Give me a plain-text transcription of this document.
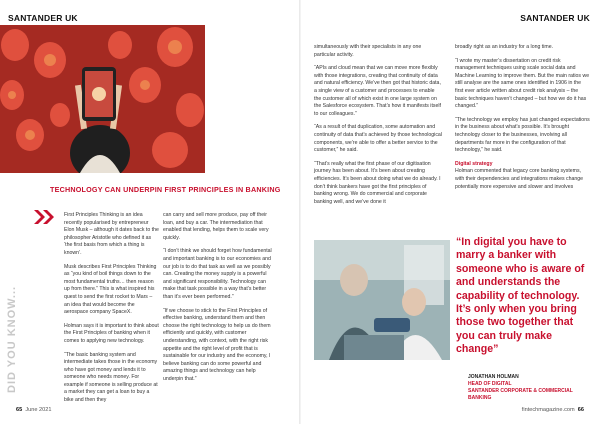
SANTANDER UK
TECHNOLOGY CAN UNDERPIN FIRST PRINCIPLES IN BANKING

First Principles Thinking is an idea recently popularised by entrepreneur Elon Musk – although it dates back to the philosopher Aristotle who defined it as ‘the first basis from which a thing is known’.

Musk describes First Principles Thinking as “you kind of boil things down to the most fundamental truths… then reason up from there.” This is what inspired his quest to send the first rocket to Mars – an idea that would become the aerospace company SpaceX.

Holman says it is important to think about the First Principles of banking when it comes to applying new technology.

“The basic banking system and intermediate takes those in the economy who have got money and lends it to someone who needs money. For example if someone is selling produce at a market they can get a loan to buy a bike and then they

can carry and sell more produce, pay off their loan, and buy a car. The intermediation that enabled that lending, helps them to scale very quickly.

“I don’t think we should forget how fundamental and important banking is to our economies and our job is to do that task as well as we possibly can. Creating the money supply is a powerful and significant responsibility. Technology can make that task possible in a way that’s better than it’s ever been performed.”

“If we choose to stick to the First Principles of effective banking, understand them and then choose the right technology to help us do them efficiently and quickly, with customer understanding, with context, with the right risk appetite and the right level of profit that is sustainable for our industry and the economy, I believe banking can do some powerful and amazing things and technology can help underpin that.”

DID YOU KNOW...
65 June 2021
SANTANDER UK

simultaneously with their specialists in any one particular activity.

“APIs and cloud mean that we can move more flexibly with those integrations, creating that continuity of data and natural efficiency. We’ve then got that historic data, a single view of a customer and processes to enable the customer all of which exist in one large system on the Salesforce ecosystem. That’s how it manifests itself to our colleagues.”

“As a result of that duplication, some automation and continuity of data that’s achieved by those technological components, we’re able to offer a better service to the customer,” he said.

“That’s really what the first phase of our digitisation journey has been about. It’s been about creating efficiencies. It’s been about doing what we do already. I don’t think bankers have got the first principles of banking wrong. We do commercial and corporate banking well, and we’ve done it

broadly right as an industry for a long time.

“I wrote my master’s dissertation on credit risk management techniques using scale social data and Machine Learning to improve them. But the main ratios we still analyse are the same ones identified in 1906 in the first ever article written about credit risk analysis – the basic techniques haven’t changed – but how we do it has changed.”

“The technology we employ has just changed expectations in the business about what’s possible. It’s brought technology closer to the businesses, involving all departments far more in the configuration of that technology,” he said.

Digital strategy

Holman commented that legacy core banking systems, with their dependencies and integrations makes change potentially more expensive and slower and involves

“In digital you have to marry a banker with someone who is aware of and understands the capability of technology. It’s only when you bring those two together that you can truly make change”
JONATHAN HOLMAN
HEAD OF DIGITAL
SANTANDER CORPORATE & COMMERCIAL BANKING
fintechmagazine.com 66
